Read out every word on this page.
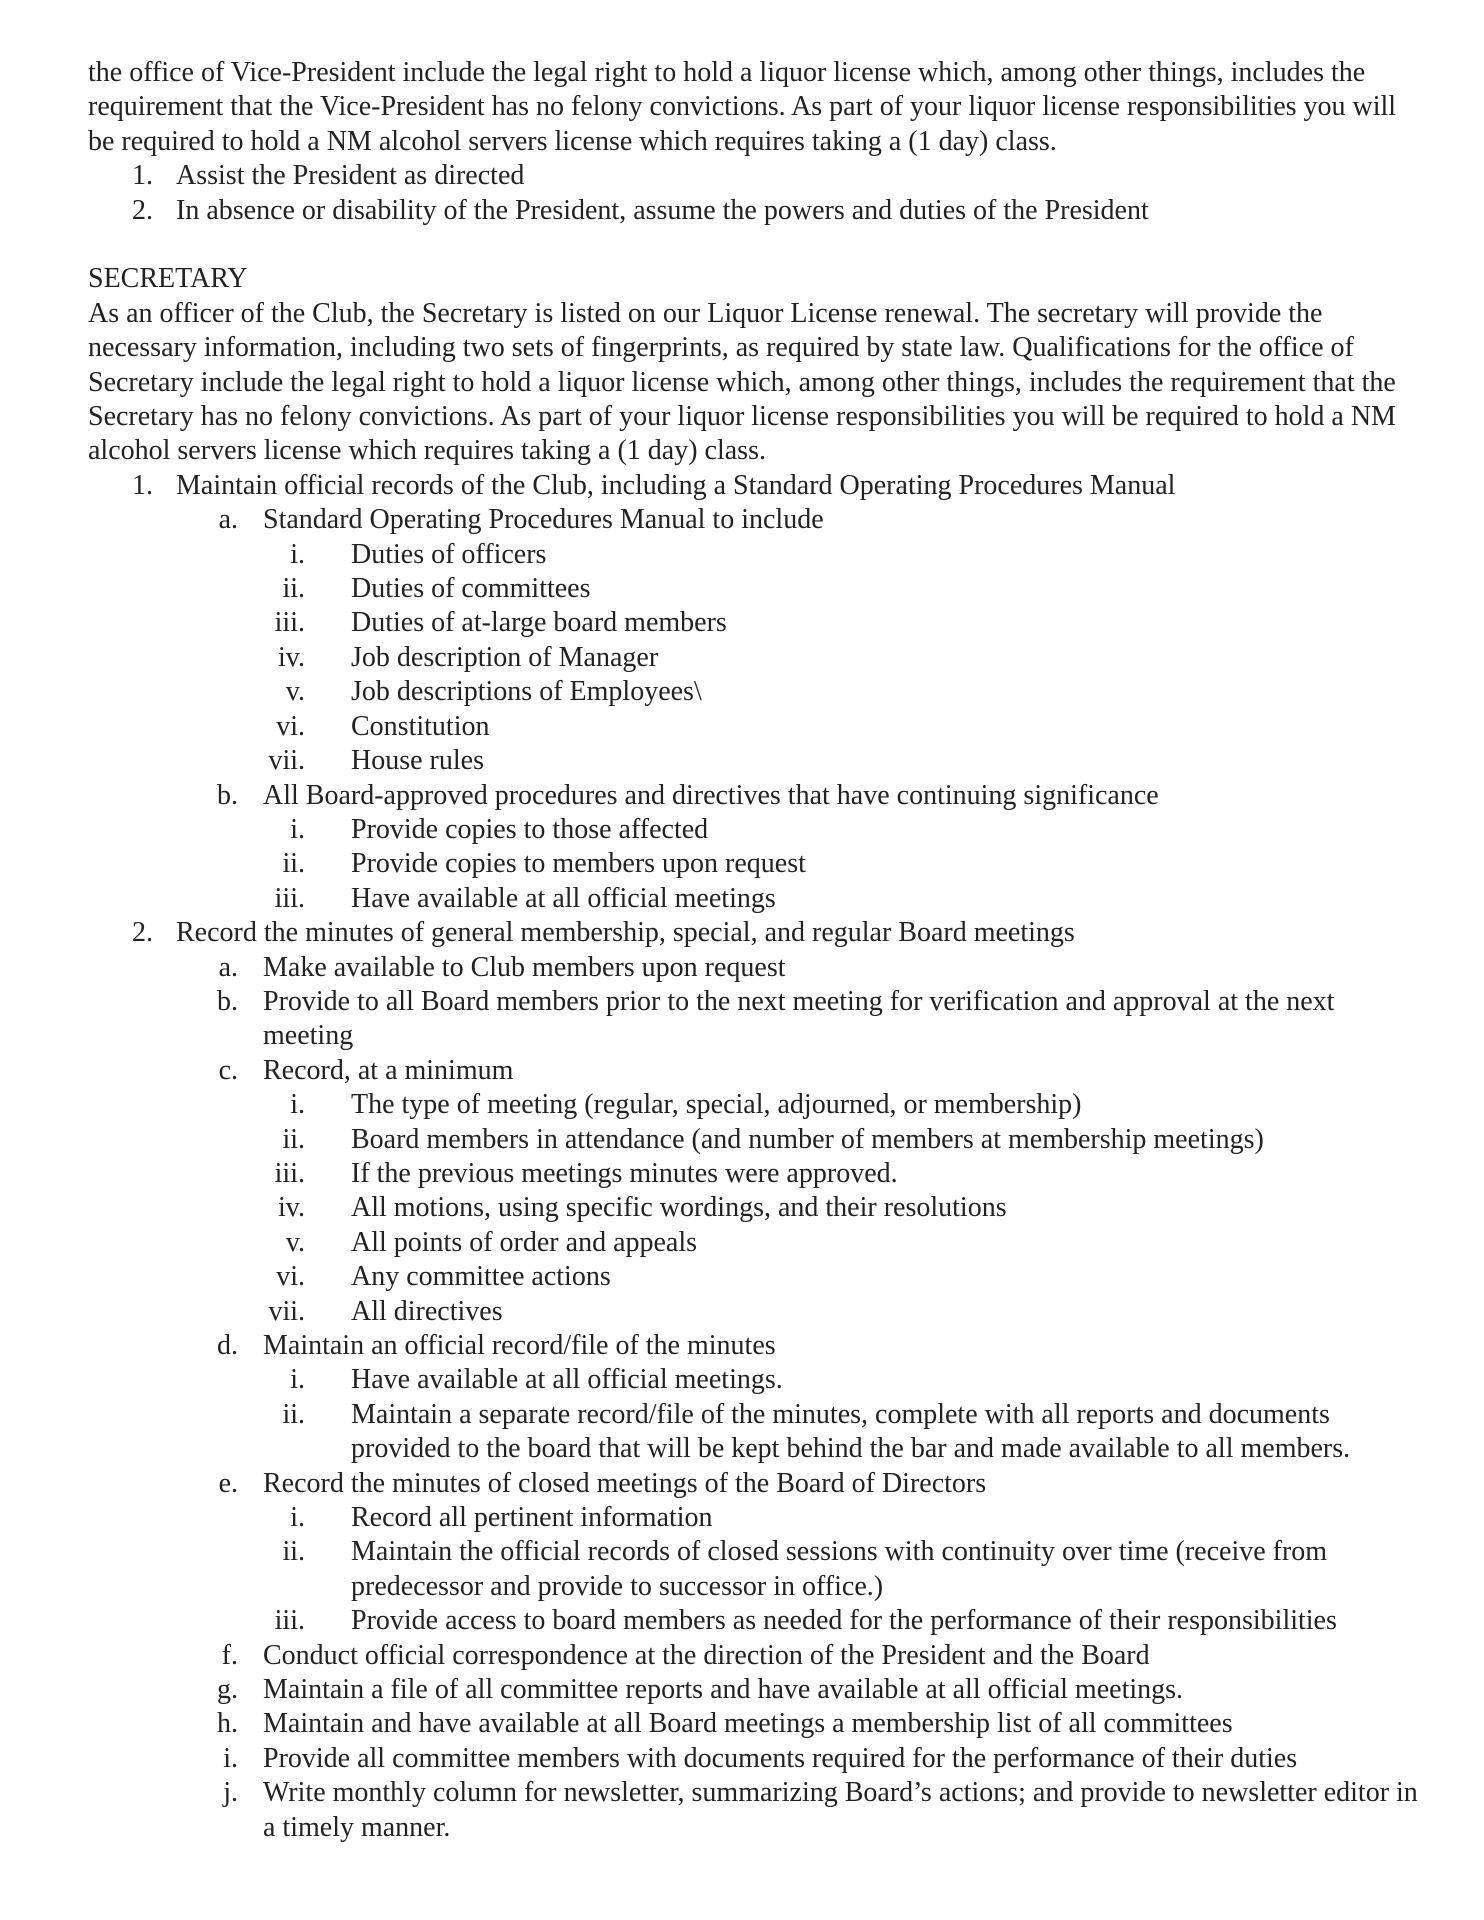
the office of Vice-President include the legal right to hold a liquor license which, among other things, includes the requirement that the Vice-President has no felony convictions. As part of your liquor license responsibilities you will be required to hold a NM alcohol servers license which requires taking a (1 day) class.

1. Assist the President as directed
2. In absence or disability of the President, assume the powers and duties of the President

SECRETARY

As an officer of the Club, the Secretary is listed on our Liquor License renewal. The secretary will provide the necessary information, including two sets of fingerprints, as required by state law. Qualifications for the office of Secretary include the legal right to hold a liquor license which, among other things, includes the requirement that the Secretary has no felony convictions. As part of your liquor license responsibilities you will be required to hold a NM alcohol servers license which requires taking a (1 day) class.

1. Maintain official records of the Club, including a Standard Operating Procedures Manual
a. Standard Operating Procedures Manual to include
i. Duties of officers
ii. Duties of committees
iii. Duties of at-large board members
iv. Job description of Manager
v. Job descriptions of Employees\
vi. Constitution
vii. House rules
b. All Board-approved procedures and directives that have continuing significance
i. Provide copies to those affected
ii. Provide copies to members upon request
iii. Have available at all official meetings
2. Record the minutes of general membership, special, and regular Board meetings
a. Make available to Club members upon request
b. Provide to all Board members prior to the next meeting for verification and approval at the next meeting
c. Record, at a minimum
i. The type of meeting (regular, special, adjourned, or membership)
ii. Board members in attendance (and number of members at membership meetings)
iii. If the previous meetings minutes were approved.
iv. All motions, using specific wordings, and their resolutions
v. All points of order and appeals
vi. Any committee actions
vii. All directives
d. Maintain an official record/file of the minutes
i. Have available at all official meetings.
ii. Maintain a separate record/file of the minutes, complete with all reports and documents provided to the board that will be kept behind the bar and made available to all members.
e. Record the minutes of closed meetings of the Board of Directors
i. Record all pertinent information
ii. Maintain the official records of closed sessions with continuity over time (receive from predecessor and provide to successor in office.)
iii. Provide access to board members as needed for the performance of their responsibilities
f. Conduct official correspondence at the direction of the President and the Board
g. Maintain a file of all committee reports and have available at all official meetings.
h. Maintain and have available at all Board meetings a membership list of all committees
i. Provide all committee members with documents required for the performance of their duties
j. Write monthly column for newsletter, summarizing Board’s actions; and provide to newsletter editor in a timely manner.
